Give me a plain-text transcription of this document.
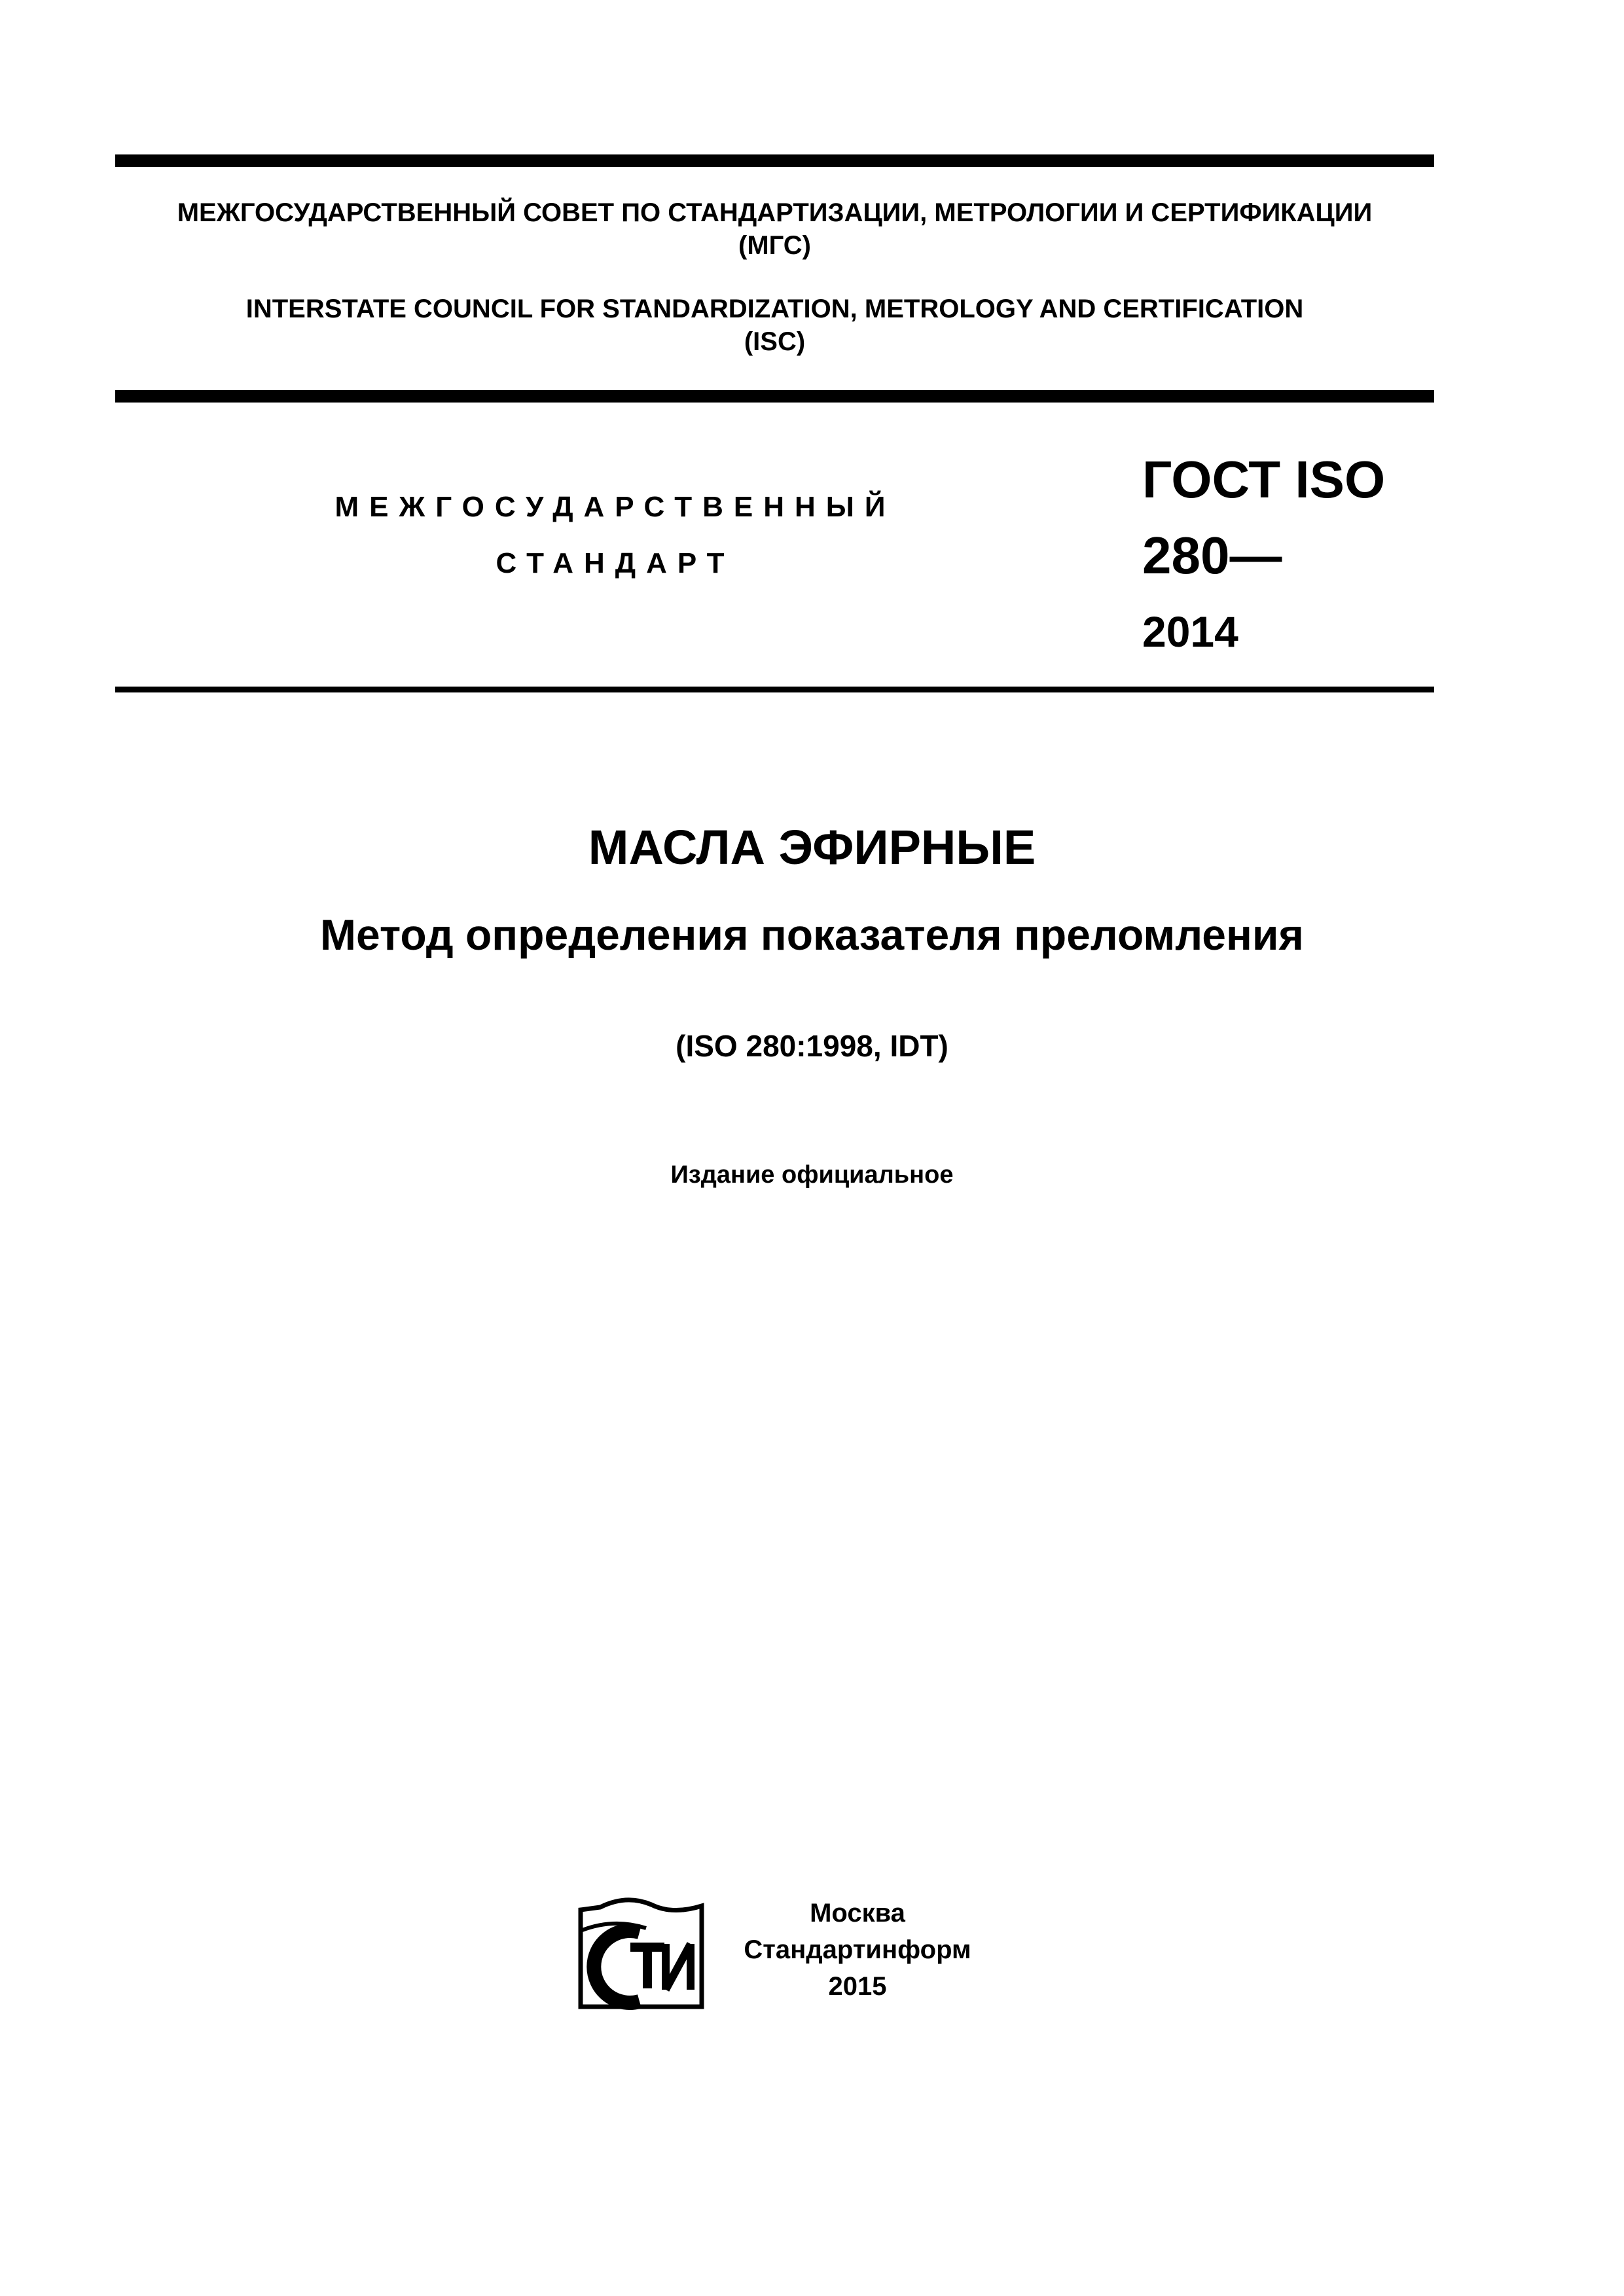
МЕЖГОСУДАРСТВЕННЫЙ СОВЕТ ПО СТАНДАРТИЗАЦИИ, МЕТРОЛОГИИ И СЕРТИФИКАЦИИ
(МГС)
INTERSTATE COUNCIL FOR STANDARDIZATION, METROLOGY AND CERTIFICATION
(ISC)
МЕЖГОСУДАРСТВЕННЫЙ
СТАНДАРТ
ГОСТ ISO
280—
2014
МАСЛА ЭФИРНЫЕ
Метод определения показателя преломления
(ISO 280:1998, IDT)
Издание официальное
Москва
Стандартинформ
2015
